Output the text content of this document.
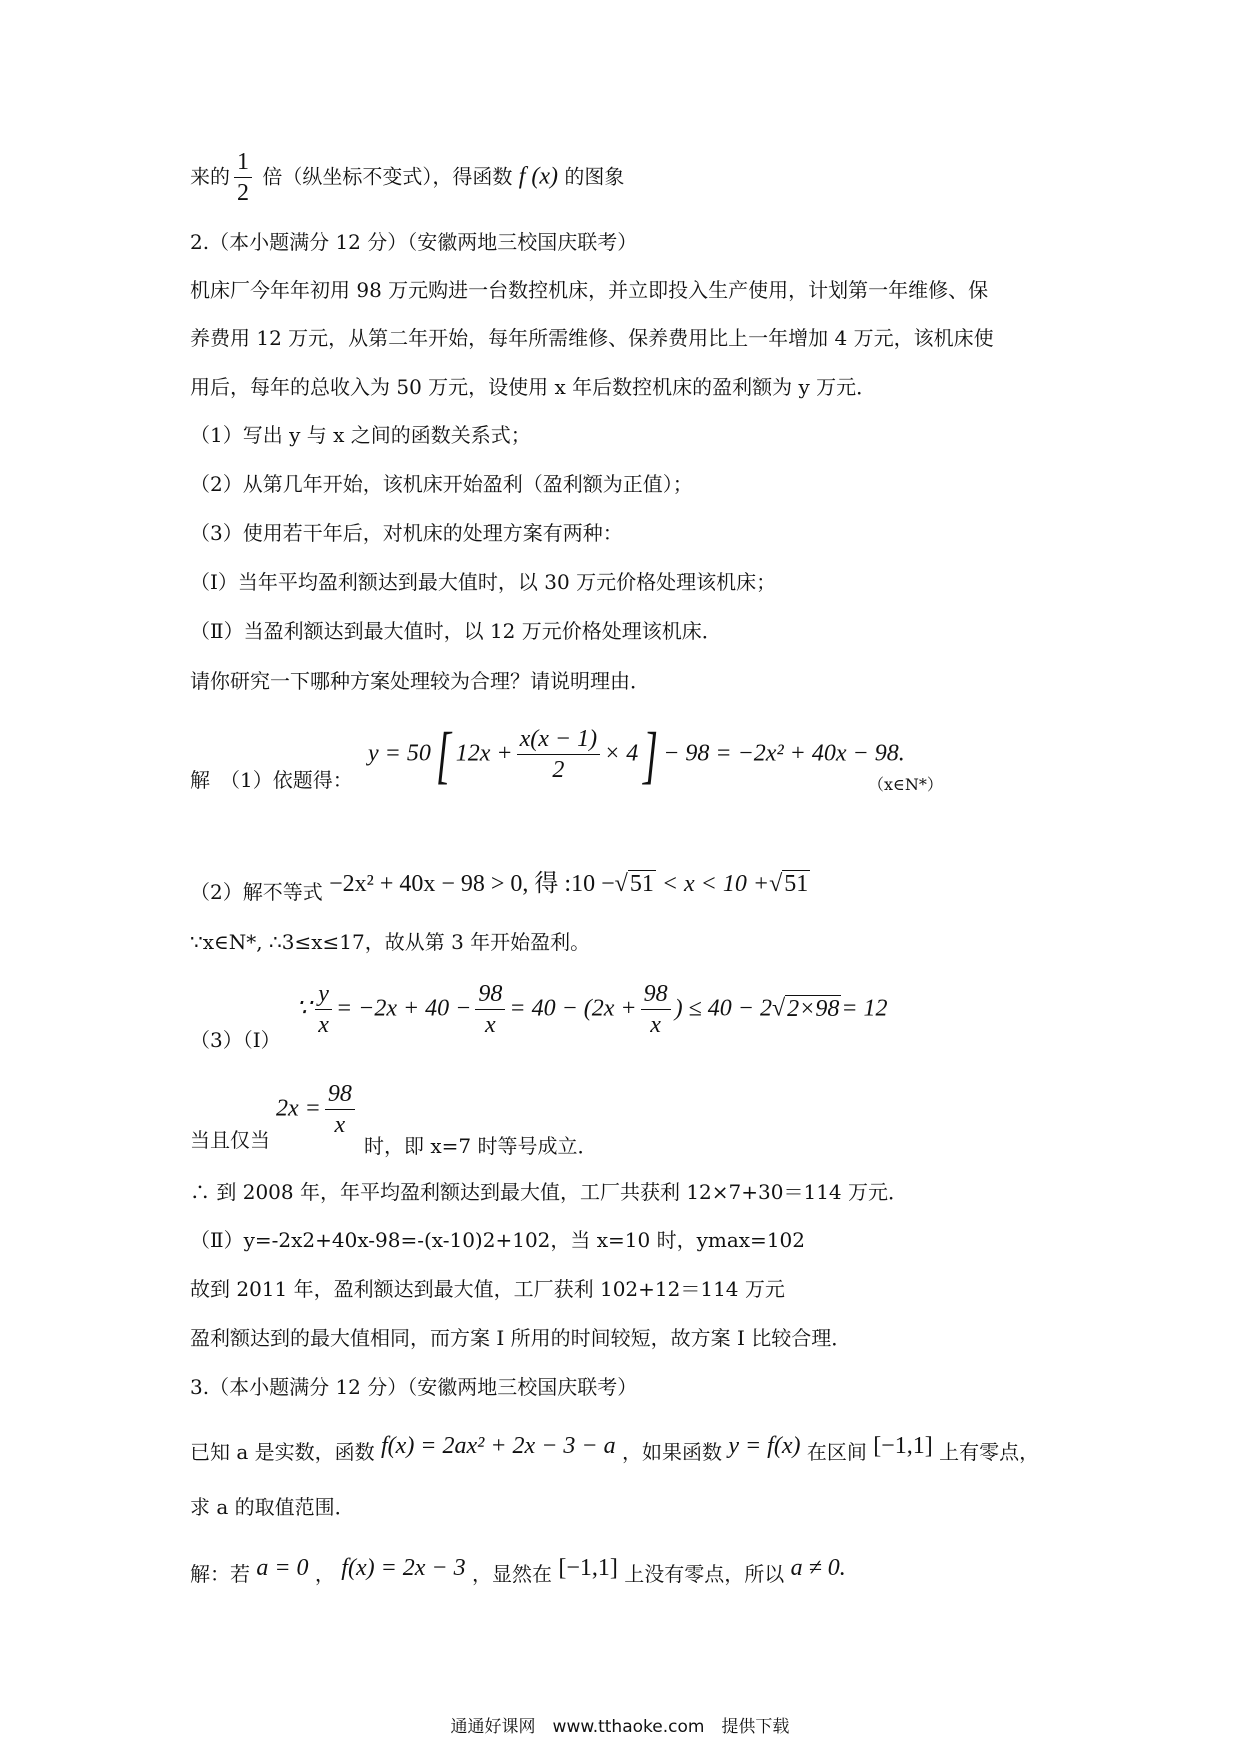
来的 $\frac{1}{2}$ 倍（纵坐标不变式），得函数 f (x) 的图象
2.（本小题满分 12 分）（安徽两地三校国庆联考）
机床厂今年年初用 98 万元购进一台数控机床，并立即投入生产使用，计划第一年维修、保
养费用 12 万元，从第二年开始，每年所需维修、保养费用比上一年增加 4 万元，该机床使
用后，每年的总收入为 50 万元，设使用 x 年后数控机床的盈利额为 y 万元．
（1）写出 y 与 x 之间的函数关系式；
（2）从第几年开始，该机床开始盈利（盈利额为正值）；
（3）使用若干年后，对机床的处理方案有两种：
（Ⅰ）当年平均盈利额达到最大值时，以 30 万元价格处理该机床；
（Ⅱ）当盈利额达到最大值时，以 12 万元价格处理该机床．
请你研究一下哪种方案处理较为合理？请说明理由．
解　（1）依题得：
y = 50[ $12x + \frac{x(x - 1)}{2} \times 4] - 98 = -2x^2 + 40x - 98$.
（x∈N*）
（2）解不等式 −2x² + 40x − 98 > 0, 得 :10 −√51 < x < 10 +√51
∵x∈N*, ∴3≤x≤17，故从第 3 年开始盈利。
（3）（Ⅰ）
∵ $\frac{y}{x} = -2x + 40 - \frac{98}{x} = 40 - (2x + \frac{98}{x}$ ) ≤ 40 − 2√2×98= 12
当且仅当
$2x = \frac{98}{x}$
时，即 x=7 时等号成立．
∴ 到 2008 年，年平均盈利额达到最大值，工厂共获利 12×7+30＝114 万元．
（Ⅱ）y=-2x2+40x-98=-(x-10)2+102，当 x=10 时，ymax=102
故到 2011 年，盈利额达到最大值，工厂获利 102+12＝114 万元
盈利额达到的最大值相同，而方案 I 所用的时间较短，故方案 I 比较合理．
3.（本小题满分 12 分）（安徽两地三校国庆联考）
已知 a 是实数，函数 f(x) = 2ax² + 2x − 3 − a ，如果函数 y = f(x) 在区间 [−1,1] 上有零点，
求 a 的取值范围．
解：若 a = 0 ， f(x) = 2x − 3 ，显然在 [−1,1] 上没有零点，所以 a ≠ 0.
通通好课网　www.tthaoke.com　提供下载
